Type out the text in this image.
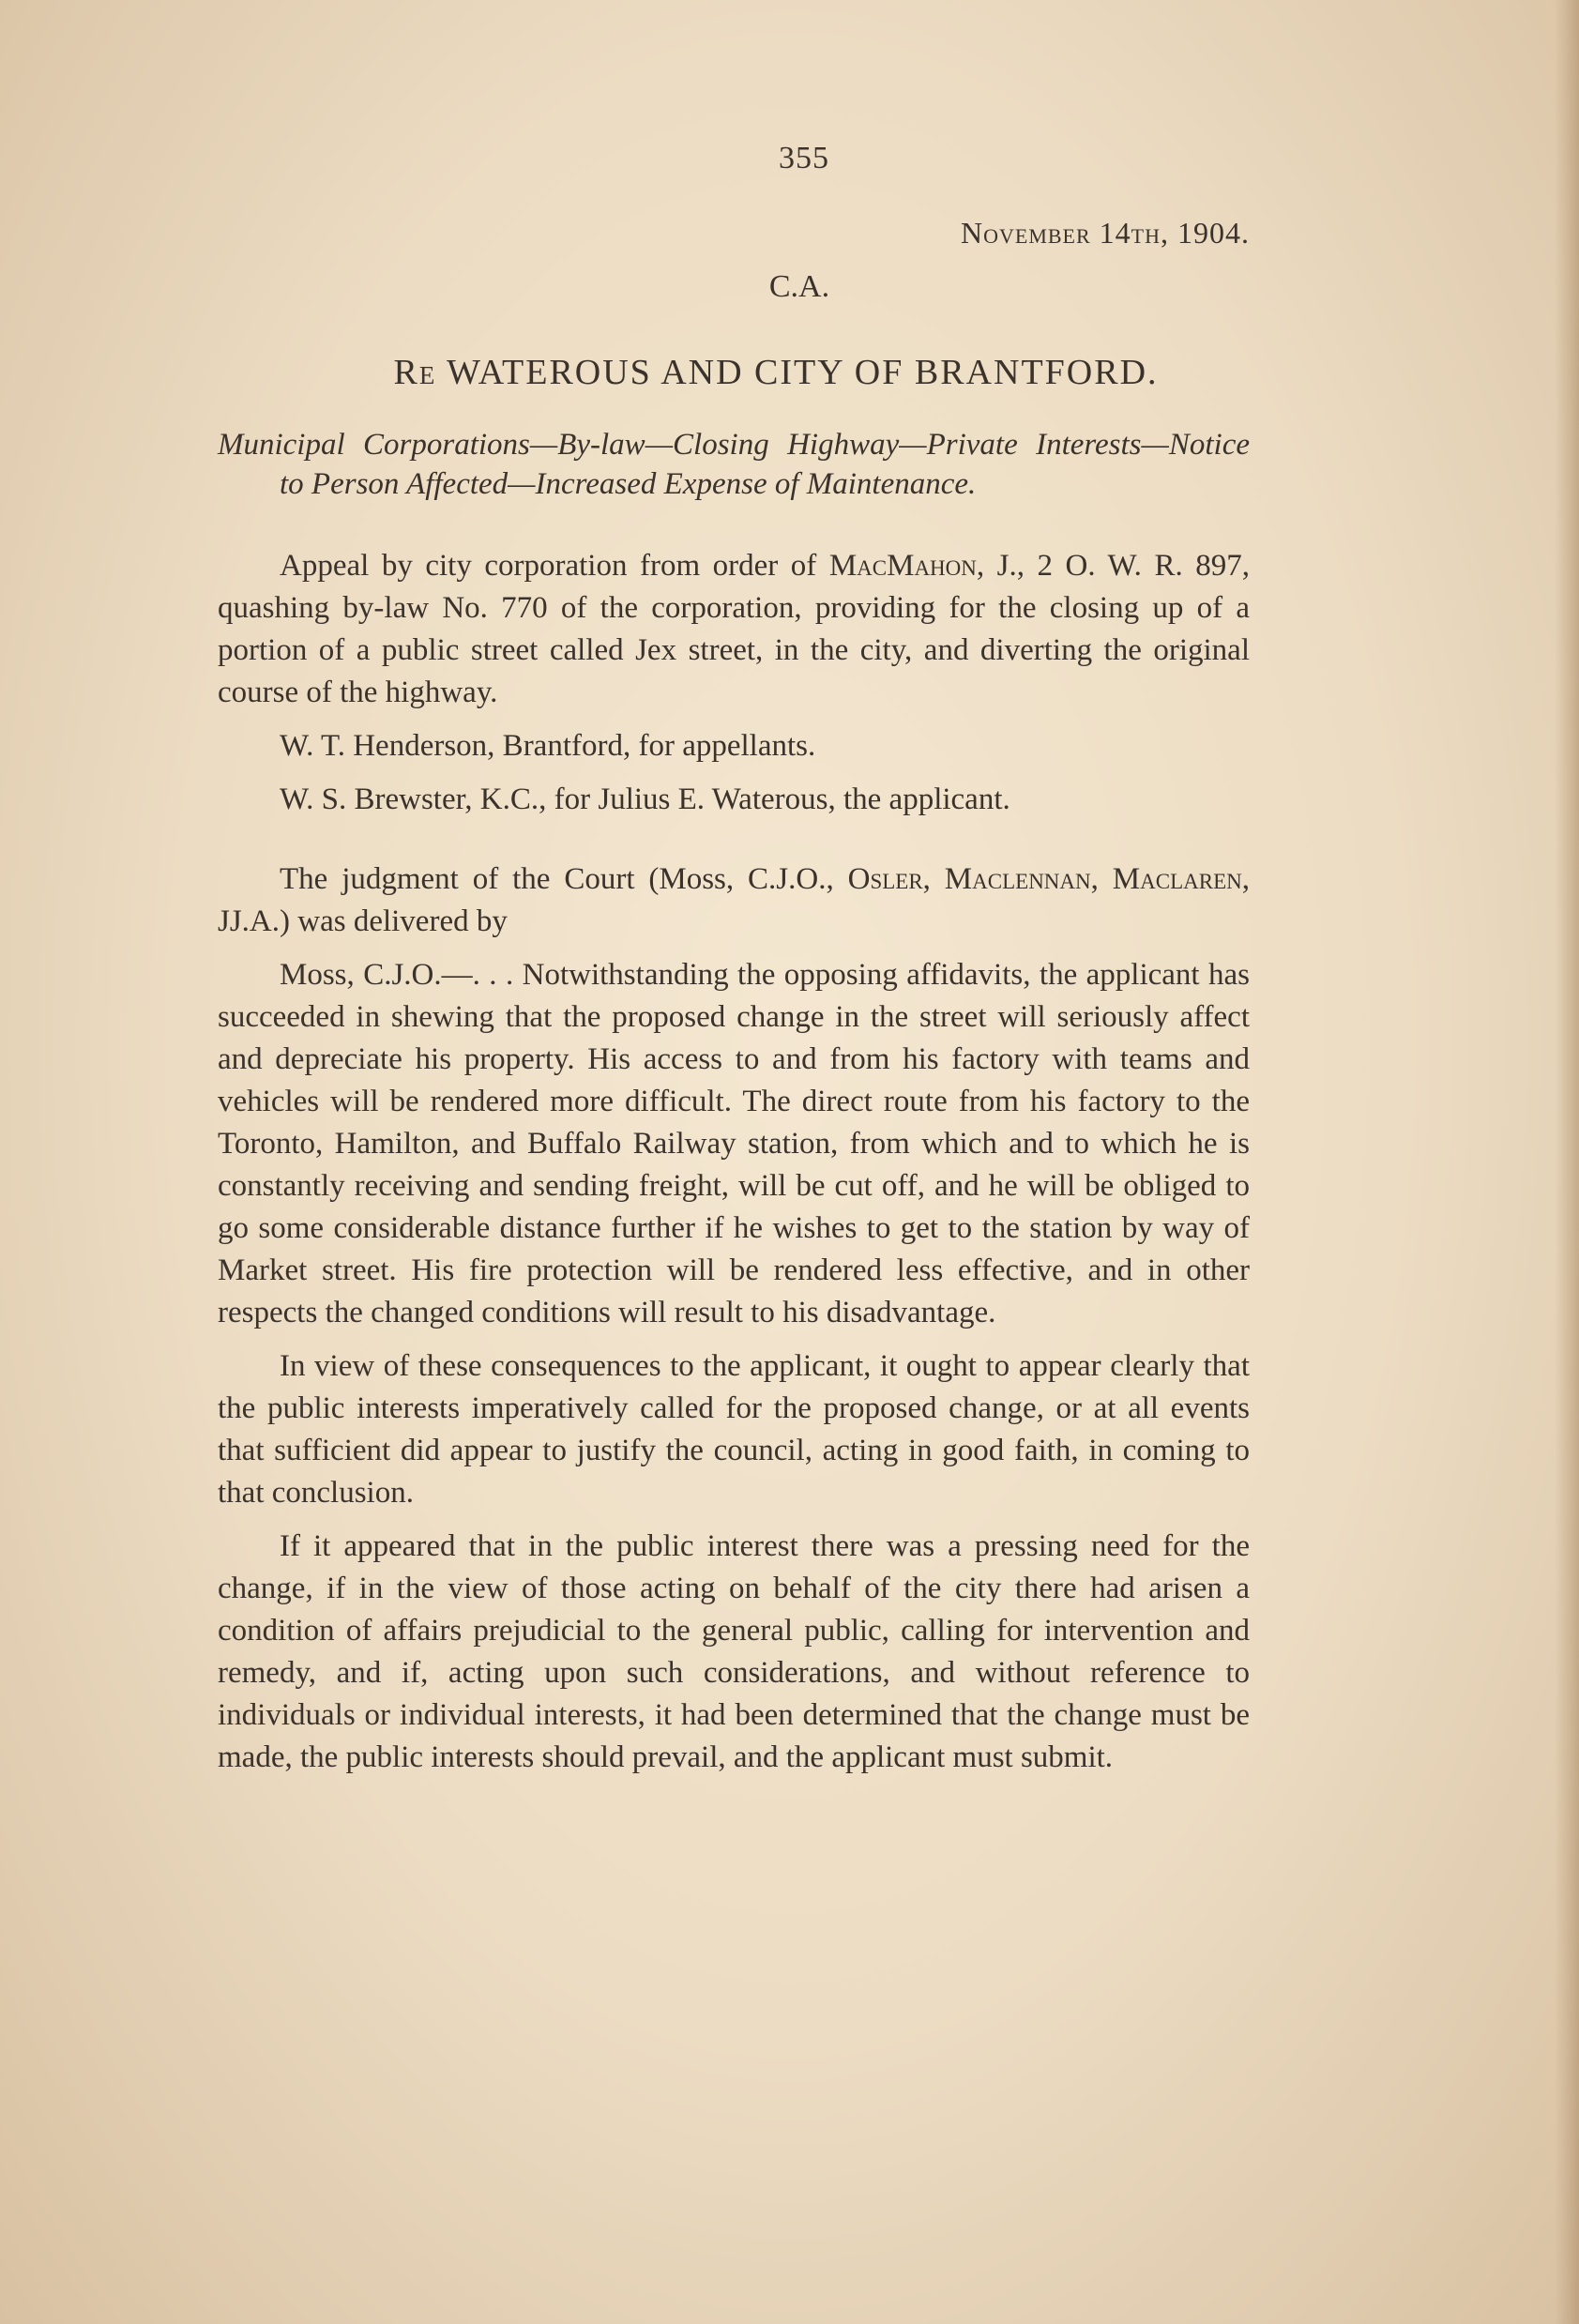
355
November 14th, 1904.
C.A.
Re WATEROUS AND CITY OF BRANTFORD.
Municipal Corporations—By-law—Closing Highway—Private Interests—Notice to Person Affected—Increased Expense of Maintenance.

Appeal by city corporation from order of MacMahon, J., 2 O. W. R. 897, quashing by-law No. 770 of the corporation, providing for the closing up of a portion of a public street called Jex street, in the city, and diverting the original course of the highway.

W. T. Henderson, Brantford, for appellants.

W. S. Brewster, K.C., for Julius E. Waterous, the applicant.

The judgment of the Court (Moss, C.J.O., Osler, Maclennan, Maclaren, JJ.A.) was delivered by

Moss, C.J.O.—. . . Notwithstanding the opposing affidavits, the applicant has succeeded in shewing that the proposed change in the street will seriously affect and depreciate his property. His access to and from his factory with teams and vehicles will be rendered more difficult. The direct route from his factory to the Toronto, Hamilton, and Buffalo Railway station, from which and to which he is constantly receiving and sending freight, will be cut off, and he will be obliged to go some considerable distance further if he wishes to get to the station by way of Market street. His fire protection will be rendered less effective, and in other respects the changed conditions will result to his disadvantage.

In view of these consequences to the applicant, it ought to appear clearly that the public interests imperatively called for the proposed change, or at all events that sufficient did appear to justify the council, acting in good faith, in coming to that conclusion.

If it appeared that in the public interest there was a pressing need for the change, if in the view of those acting on behalf of the city there had arisen a condition of affairs prejudicial to the general public, calling for intervention and remedy, and if, acting upon such considerations, and without reference to individuals or individual interests, it had been determined that the change must be made, the public interests should prevail, and the applicant must submit.
